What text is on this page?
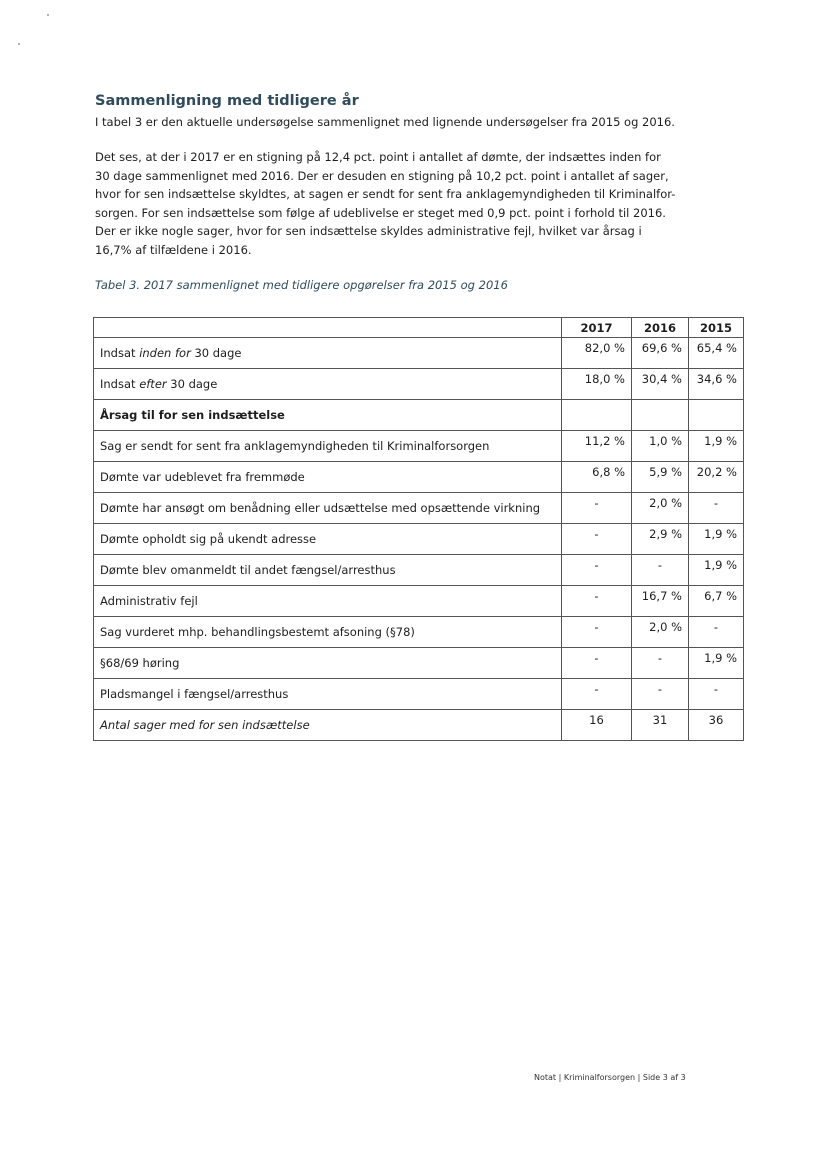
Sammenligning med tidligere år
I tabel 3 er den aktuelle undersøgelse sammenlignet med lignende undersøgelser fra 2015 og 2016.
Det ses, at der i 2017 er en stigning på 12,4 pct. point i antallet af dømte, der indsættes inden for
30 dage sammenlignet med 2016. Der er desuden en stigning på 10,2 pct. point i antallet af sager,
hvor for sen indsættelse skyldtes, at sagen er sendt for sent fra anklagemyndigheden til Kriminalfor-
sorgen. For sen indsættelse som følge af udeblivelse er steget med 0,9 pct. point i forhold til 2016.
Der er ikke nogle sager, hvor for sen indsættelse skyldes administrative fejl, hvilket var årsag i
16,7% af tilfældene i 2016.
Tabel 3. 2017 sammenlignet med tidligere opgørelser fra 2015 og 2016
	2017	2016	2015
Indsat inden for 30 dage	82,0 %	69,6 %	65,4 %
Indsat efter 30 dage	18,0 %	30,4 %	34,6 %
Årsag til for sen indsættelse			
Sag er sendt for sent fra anklagemyndigheden til Kriminalforsorgen	11,2 %	1,0 %	1,9 %
Dømte var udeblevet fra fremmøde	6,8 %	5,9 %	20,2 %
Dømte har ansøgt om benådning eller udsættelse med opsættende virkning	-	2,0 %	-
Dømte opholdt sig på ukendt adresse	-	2,9 %	1,9 %
Dømte blev omanmeldt til andet fængsel/arresthus	-	-	1,9 %
Administrativ fejl	-	16,7 %	6,7 %
Sag vurderet mhp. behandlingsbestemt afsoning (§78)	-	2,0 %	-
§68/69 høring	-	-	1,9 %
Pladsmangel i fængsel/arresthus	-	-	-
Antal sager med for sen indsættelse	16	31	36
Notat | Kriminalforsorgen | Side 3 af 3
